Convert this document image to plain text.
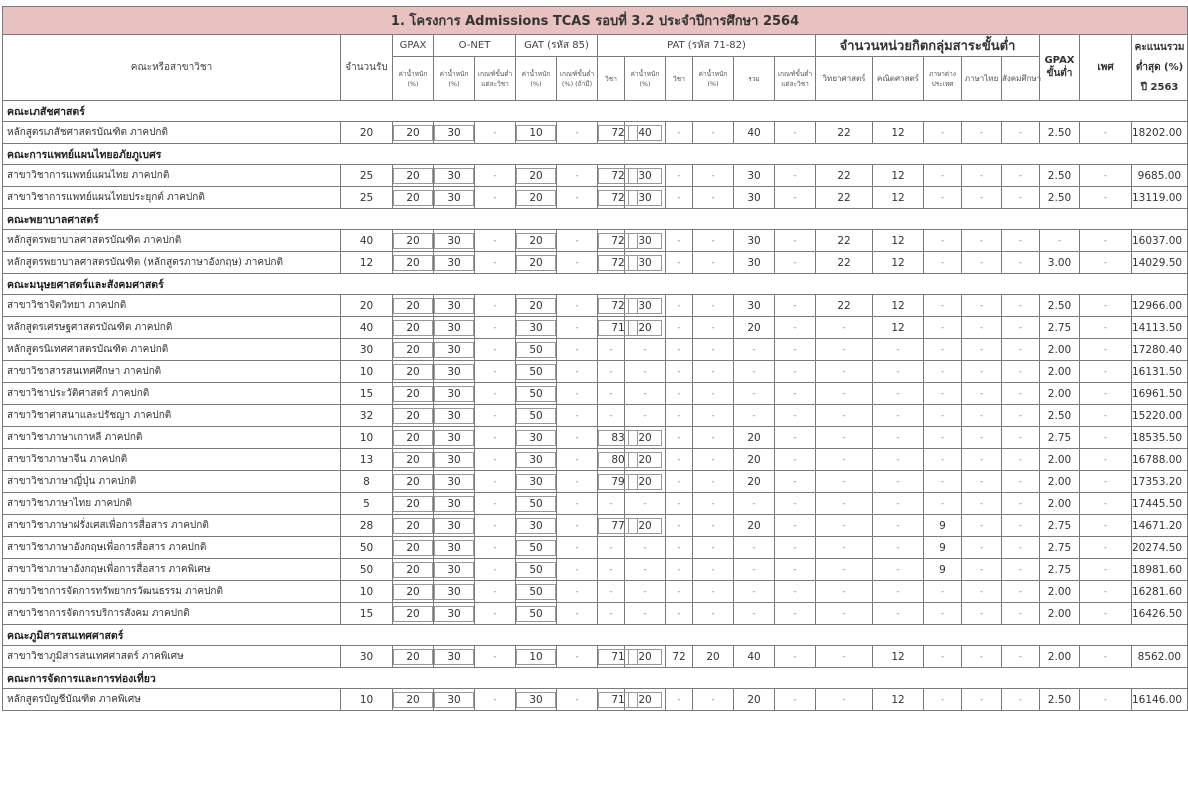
1. โครงการ Admissions TCAS รอบที่ 3.2 ประจำปีการศึกษา 2564																				
คณะหรือสาขาวิชา	จำนวนรับ	GPAX	O-NET		GAT (รหัส 85)		PAT (รหัส 71-82)						จำนวนหน่วยกิตกลุ่มสาระขั้นต่ำ					GPAX ขั้นต่ำ	เพศ	คะแนนรวมต่ำสุด (%) ปี 2563
		ค่าน้ำหนัก (%)	ค่าน้ำหนัก (%)	เกณฑ์ขั้นต่ำแต่ละวิชา	ค่าน้ำหนัก (%)	เกณฑ์ขั้นต่ำ (%) (ถ้ามี)	วิชา	ค่าน้ำหนัก (%)	วิชา	ค่าน้ำหนัก (%)	รวม	เกณฑ์ขั้นต่ำแต่ละวิชา	วิทยาศาสตร์	คณิตศาสตร์	ภาษาต่างประเทศ	ภาษาไทย	สังคมศึกษา			
คณะเภสัชศาสตร์																				
หลักสูตรเภสัชศาสตรบัณฑิต ภาคปกติ	20	20	30	-	10	-	72	40	-	-	40	-	22	12	-	-	-	2.50	-	18202.00
คณะการแพทย์แผนไทยอภัยภูเบศร																				
สาขาวิชาการแพทย์แผนไทย ภาคปกติ	25	20	30	-	20	-	72	30	-	-	30	-	22	12	-	-	-	2.50	-	9685.00
สาขาวิชาการแพทย์แผนไทยประยุกต์ ภาคปกติ	25	20	30	-	20	-	72	30	-	-	30	-	22	12	-	-	-	2.50	-	13119.00
คณะพยาบาลศาสตร์																				
หลักสูตรพยาบาลศาสตรบัณฑิต ภาคปกติ	40	20	30	-	20	-	72	30	-	-	30	-	22	12	-	-	-	-	-	16037.00
หลักสูตรพยาบาลศาสตรบัณฑิต (หลักสูตรภาษาอังกฤษ) ภาคปกติ	12	20	30	-	20	-	72	30	-	-	30	-	22	12	-	-	-	3.00	-	14029.50
คณะมนุษยศาสตร์และสังคมศาสตร์																				
สาขาวิชาจิตวิทยา ภาคปกติ	20	20	30	-	20	-	72	30	-	-	30	-	22	12	-	-	-	2.50	-	12966.00
หลักสูตรเศรษฐศาสตรบัณฑิต ภาคปกติ	40	20	30	-	30	-	71	20	-	-	20	-	-	12	-	-	-	2.75	-	14113.50
หลักสูตรนิเทศศาสตรบัณฑิต ภาคปกติ	30	20	30	-	50	-	-	-	-	-	-	-	-	-	-	-	-	2.00	-	17280.40
สาขาวิชาสารสนเทศศึกษา ภาคปกติ	10	20	30	-	50	-	-	-	-	-	-	-	-	-	-	-	-	2.00	-	16131.50
สาขาวิชาประวัติศาสตร์ ภาคปกติ	15	20	30	-	50	-	-	-	-	-	-	-	-	-	-	-	-	2.00	-	16961.50
สาขาวิชาศาสนาและปรัชญา ภาคปกติ	32	20	30	-	50	-	-	-	-	-	-	-	-	-	-	-	-	2.50	-	15220.00
สาขาวิชาภาษาเกาหลี ภาคปกติ	10	20	30	-	30	-	83	20	-	-	20	-	-	-	-	-	-	2.75	-	18535.50
สาขาวิชาภาษาจีน ภาคปกติ	13	20	30	-	30	-	80	20	-	-	20	-	-	-	-	-	-	2.00	-	16788.00
สาขาวิชาภาษาญี่ปุ่น ภาคปกติ	8	20	30	-	30	-	79	20	-	-	20	-	-	-	-	-	-	2.00	-	17353.20
สาขาวิชาภาษาไทย ภาคปกติ	5	20	30	-	50	-	-	-	-	-	-	-	-	-	-	-	-	2.00	-	17445.50
สาขาวิชาภาษาฝรั่งเศสเพื่อการสื่อสาร ภาคปกติ	28	20	30	-	30	-	77	20	-	-	20	-	-	-	9	-	-	2.75	-	14671.20
สาขาวิชาภาษาอังกฤษเพื่อการสื่อสาร ภาคปกติ	50	20	30	-	50	-	-	-	-	-	-	-	-	-	9	-	-	2.75	-	20274.50
สาขาวิชาภาษาอังกฤษเพื่อการสื่อสาร ภาคพิเศษ	50	20	30	-	50	-	-	-	-	-	-	-	-	-	9	-	-	2.75	-	18981.60
สาขาวิชาการจัดการทรัพยากรวัฒนธรรม ภาคปกติ	10	20	30	-	50	-	-	-	-	-	-	-	-	-	-	-	-	2.00	-	16281.60
สาขาวิชาการจัดการบริการสังคม ภาคปกติ	15	20	30	-	50	-	-	-	-	-	-	-	-	-	-	-	-	2.00	-	16426.50
คณะภูมิสารสนเทศศาสตร์																				
สาขาวิชาภูมิสารสนเทศศาสตร์ ภาคพิเศษ	30	20	30	-	10	-	71	20	72	20	40	-	-	12	-	-	-	2.00	-	8562.00
คณะการจัดการและการท่องเที่ยว																				
หลักสูตรบัญชีบัณฑิต ภาคพิเศษ	10	20	30	-	30	-	71	20	-	-	20	-	-	12	-	-	-	2.50	-	16146.00
